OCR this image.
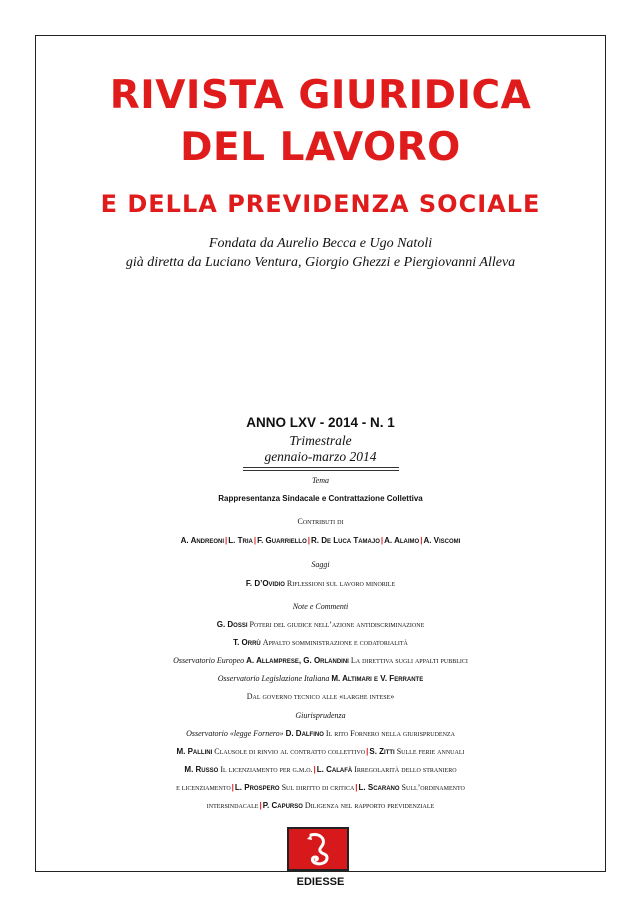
RIVISTA GIURIDICA
DEL LAVORO
E DELLA PREVIDENZA SOCIALE
Fondata da Aurelio Becca e Ugo Natoli
già diretta da Luciano Ventura, Giorgio Ghezzi e Piergiovanni Alleva
ANNO LXV - 2014 - N. 1
Trimestrale
gennaio-marzo 2014
Tema
Rappresentanza Sindacale e Contrattazione Collettiva
Contributi di
A. Andreoni|L. Tria|F. Guarriello|R. De Luca Tamajo|A. Alaimo|A. Viscomi
Saggi
F. D’Ovidio Riflessioni sul lavoro minorile
Note e Commenti
G. Dossi Poteri del giudice nell’azione antidiscriminazione
T. Orrù Appalto somministrazione e codatorialità
Osservatorio Europeo A. Allamprese, G. Orlandini La direttiva sugli appalti pubblici
Osservatorio Legislazione Italiana M. Altimari e V. Ferrante
Dal governo tecnico alle «larghe intese»
Giurisprudenza
Osservatorio «legge Fornero» D. Dalfino Il rito Fornero nella giurisprudenza
M. Pallini Clausole di rinvio al contratto collettivo|S. Zitti Sulle ferie annuali
M. Russo Il licenziamento per g.m.o.|L. Calafà Irregolarità dello straniero
e licenziamento|L. Prospero Sul diritto di critica|L. Scarano Sull’ordinamento
intersindacale|P. Capurso Diligenza nel rapporto previdenziale
EDIESSE
